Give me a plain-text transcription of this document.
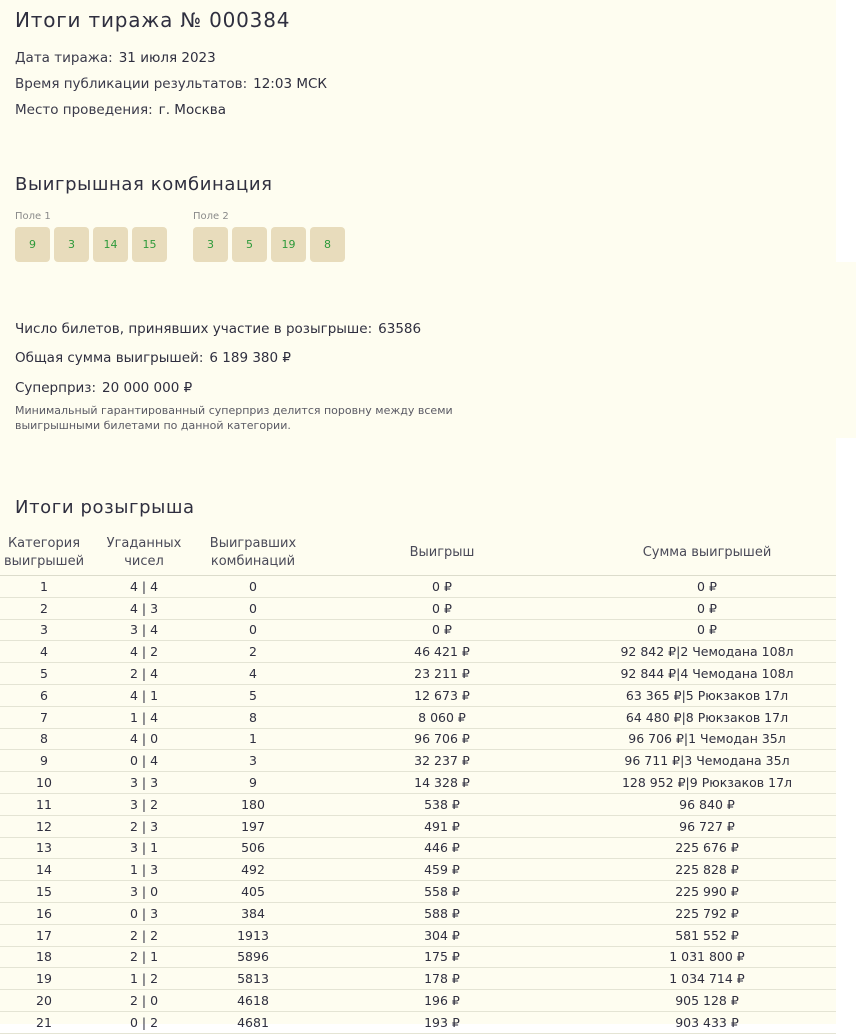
Итоги тиража № 000384
Дата тиража: 31 июля 2023
Время публикации результатов: 12:03 МСК
Место проведения: г. Москва
Выигрышная комбинация
Поле 1
9	3	14	15
Поле 2
3	5	19	8
Число билетов, принявших участие в розыгрыше: 63586
Общая сумма выигрышей: 6 189 380 ₽
Суперприз: 20 000 000 ₽
Минимальный гарантированный суперприз делится поровну между всеми выигрышными билетами по данной категории.
Итоги розыгрыша
Категория выигрышей	Угаданных чисел	Выигравших комбинаций	Выигрыш	Сумма выигрышей
1	4 | 4	0	0 ₽	0 ₽
2	4 | 3	0	0 ₽	0 ₽
3	3 | 4	0	0 ₽	0 ₽
4	4 | 2	2	46 421 ₽	92 842 ₽|2 Чемодана 108л
5	2 | 4	4	23 211 ₽	92 844 ₽|4 Чемодана 108л
6	4 | 1	5	12 673 ₽	63 365 ₽|5 Рюкзаков 17л
7	1 | 4	8	8 060 ₽	64 480 ₽|8 Рюкзаков 17л
8	4 | 0	1	96 706 ₽	96 706 ₽|1 Чемодан 35л
9	0 | 4	3	32 237 ₽	96 711 ₽|3 Чемодана 35л
10	3 | 3	9	14 328 ₽	128 952 ₽|9 Рюкзаков 17л
11	3 | 2	180	538 ₽	96 840 ₽
12	2 | 3	197	491 ₽	96 727 ₽
13	3 | 1	506	446 ₽	225 676 ₽
14	1 | 3	492	459 ₽	225 828 ₽
15	3 | 0	405	558 ₽	225 990 ₽
16	0 | 3	384	588 ₽	225 792 ₽
17	2 | 2	1913	304 ₽	581 552 ₽
18	2 | 1	5896	175 ₽	1 031 800 ₽
19	1 | 2	5813	178 ₽	1 034 714 ₽
20	2 | 0	4618	196 ₽	905 128 ₽
21	0 | 2	4681	193 ₽	903 433 ₽
